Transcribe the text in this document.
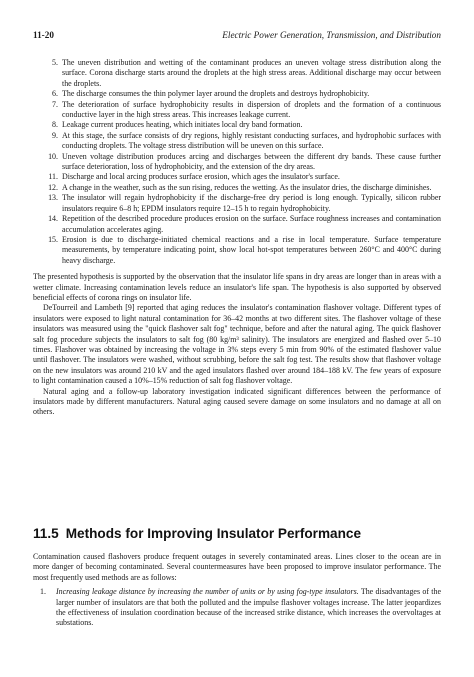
11-20	Electric Power Generation, Transmission, and Distribution
5. The uneven distribution and wetting of the contaminant produces an uneven voltage stress distribution along the surface. Corona discharge starts around the droplets at the high stress areas. Additional discharge may occur between the droplets.
6. The discharge consumes the thin polymer layer around the droplets and destroys hydrophobicity.
7. The deterioration of surface hydrophobicity results in dispersion of droplets and the formation of a continuous conductive layer in the high stress areas. This increases leakage current.
8. Leakage current produces heating, which initiates local dry band formation.
9. At this stage, the surface consists of dry regions, highly resistant conducting surfaces, and hydrophobic surfaces with conducting droplets. The voltage stress distribution will be uneven on this surface.
10. Uneven voltage distribution produces arcing and discharges between the different dry bands. These cause further surface deterioration, loss of hydrophobicity, and the extension of the dry areas.
11. Discharge and local arcing produces surface erosion, which ages the insulator's surface.
12. A change in the weather, such as the sun rising, reduces the wetting. As the insulator dries, the discharge diminishes.
13. The insulator will regain hydrophobicity if the discharge-free dry period is long enough. Typically, silicon rubber insulators require 6–8 h; EPDM insulators require 12–15 h to regain hydrophobicity.
14. Repetition of the described procedure produces erosion on the surface. Surface roughness increases and contamination accumulation accelerates aging.
15. Erosion is due to discharge-initiated chemical reactions and a rise in local temperature. Surface temperature measurements, by temperature indicating point, show local hot-spot temperatures between 260°C and 400°C during heavy discharge.

The presented hypothesis is supported by the observation that the insulator life spans in dry areas are longer than in areas with a wetter climate. Increasing contamination levels reduce an insulator's life span. The hypothesis is also supported by observed beneficial effects of corona rings on insulator life.

DeTourreil and Lambeth [9] reported that aging reduces the insulator's contamination flashover voltage. Different types of insulators were exposed to light natural contamination for 36–42 months at two different sites. The flashover voltage of these insulators was measured using the "quick flashover salt fog" technique, before and after the natural aging. The quick flashover salt fog procedure subjects the insulators to salt fog (80 kg/m³ salinity). The insulators are energized and flashed over 5–10 times. Flashover was obtained by increasing the voltage in 3% steps every 5 min from 90% of the estimated flashover value until flashover. The insulators were washed, without scrubbing, before the salt fog test. The results show that flashover voltage on the new insulators was around 210 kV and the aged insulators flashed over around 184–188 kV. The few years of exposure to light contamination caused a 10%–15% reduction of salt fog flashover voltage.

Natural aging and a follow-up laboratory investigation indicated significant differences between the performance of insulators made by different manufacturers. Natural aging caused severe damage on some insulators and no damage at all on others.

11.5 Methods for Improving Insulator Performance

Contamination caused flashovers produce frequent outages in severely contaminated areas. Lines closer to the ocean are in more danger of becoming contaminated. Several countermeasures have been proposed to improve insulator performance. The most frequently used methods are as follows:

1. Increasing leakage distance by increasing the number of units or by using fog-type insulators. The disadvantages of the larger number of insulators are that both the polluted and the impulse flashover voltages increase. The latter jeopardizes the effectiveness of insulation coordination because of the increased strike distance, which increases the overvoltages at substations.
